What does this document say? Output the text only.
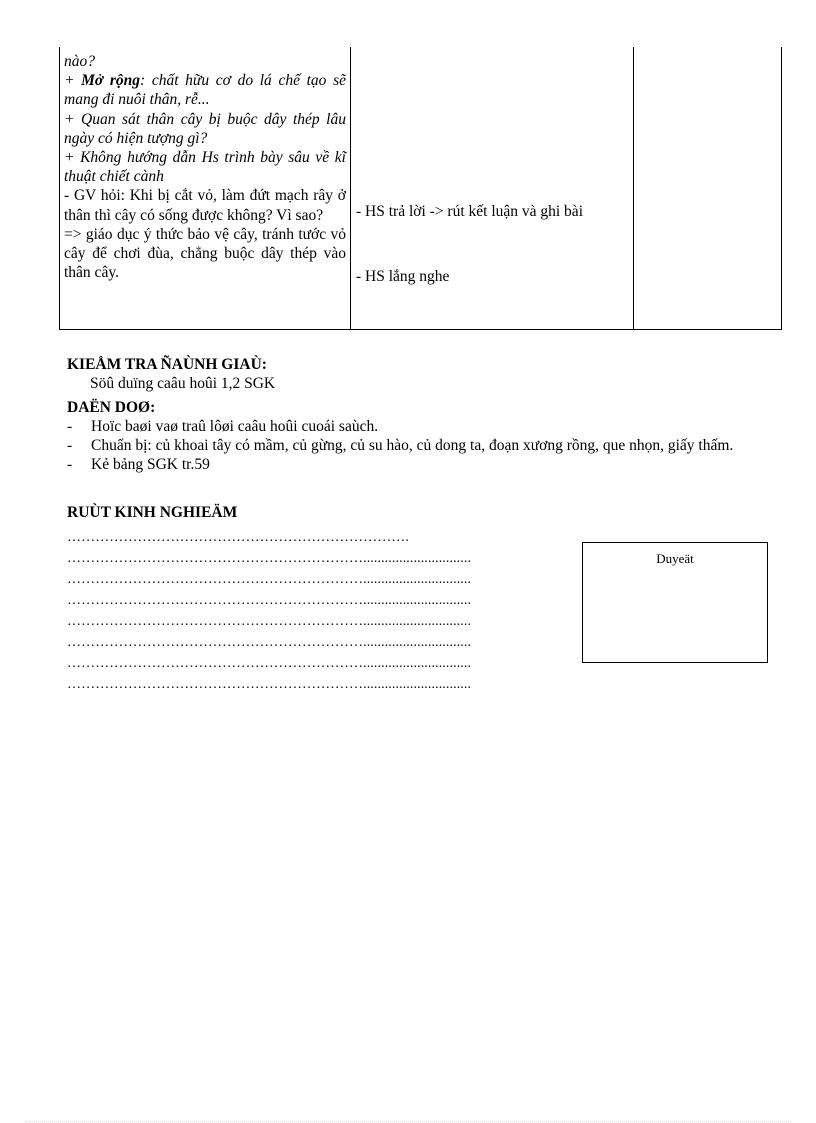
nào?
+ Mở rộng: chất hữu cơ do lá chế tạo sẽ mang đi nuôi thân, rễ...
+ Quan sát thân cây bị buộc dây thép lâu ngày có hiện tượng gì?
+ Không hướng dẫn Hs trình bày sâu về kĩ thuật chiết cành
- GV hỏi: Khi bị cắt vỏ, làm đứt mạch rây ở thân thì cây có sống được không? Vì sao?
=> giáo dục ý thức bảo vệ cây, tránh tước vỏ cây để chơi đùa, chẳng buộc dây thép vào thân cây.
- HS trả lời -> rút kết luận và ghi bài
- HS lắng nghe
KIEÅM TRA ÑAÙNH GIAÙ:
Söû duïng caâu hoûi 1,2 SGK
DAËN DOØ:
- Hoïc baøi vaø traû lôøi caâu hoûi cuoái saùch.
- Chuẩn bị: củ khoai tây có mầm, củ gừng, củ su hào, củ dong ta, đoạn xương rồng, que nhọn, giấy thấm.
- Kẻ bảng SGK tr.59
RUÙT KINH NGHIEÄM
……………………………………………………………….
………………………………………………………..............................
………………………………………………………..............................
………………………………………………………..............................
………………………………………………………..............................
………………………………………………………..............................
………………………………………………………..............................
………………………………………………………..............................
Duyeät
